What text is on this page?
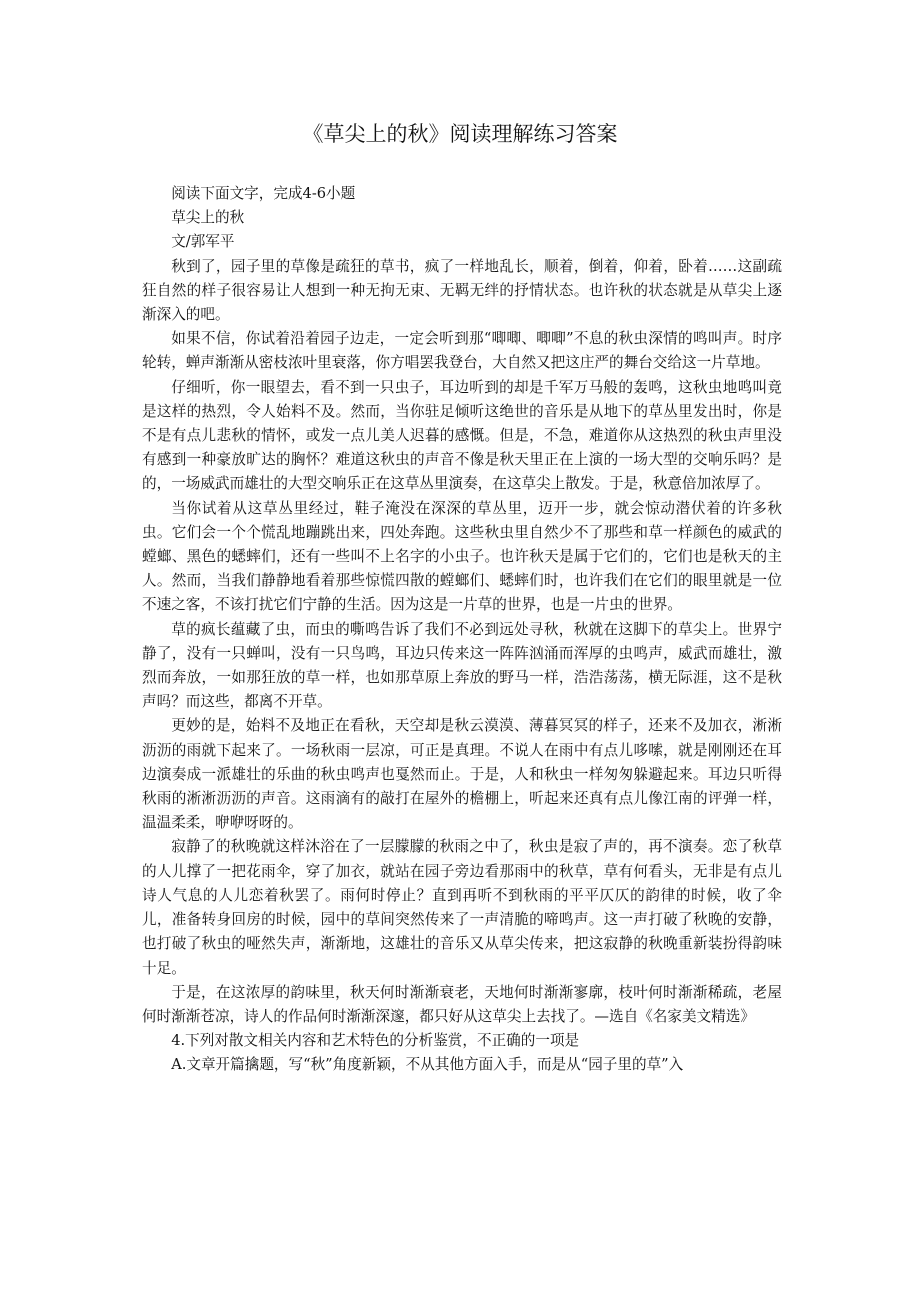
《草尖上的秋》阅读理解练习答案

阅读下面文字，完成4-6小题

草尖上的秋

文/郭军平

秋到了，园子里的草像是疏狂的草书，疯了一样地乱长，顺着，倒着，仰着，卧着……这副疏狂自然的样子很容易让人想到一种无拘无束、无羁无绊的抒情状态。也许秋的状态就是从草尖上逐渐深入的吧。

如果不信，你试着沿着园子边走，一定会听到那“唧唧、唧唧”不息的秋虫深情的鸣叫声。时序轮转，蝉声渐渐从密枝浓叶里衰落，你方唱罢我登台，大自然又把这庄严的舞台交给这一片草地。

仔细听，你一眼望去，看不到一只虫子，耳边听到的却是千军万马般的轰鸣，这秋虫地鸣叫竟是这样的热烈，令人始料不及。然而，当你驻足倾听这绝世的音乐是从地下的草丛里发出时，你是不是有点儿悲秋的情怀，或发一点儿美人迟暮的感慨。但是，不急，难道你从这热烈的秋虫声里没有感到一种豪放旷达的胸怀？难道这秋虫的声音不像是秋天里正在上演的一场大型的交响乐吗？是的，一场威武而雄壮的大型交响乐正在这草丛里演奏，在这草尖上散发。于是，秋意倍加浓厚了。

当你试着从这草丛里经过，鞋子淹没在深深的草丛里，迈开一步，就会惊动潜伏着的许多秋虫。它们会一个个慌乱地蹦跳出来，四处奔跑。这些秋虫里自然少不了那些和草一样颜色的威武的螳螂、黑色的蟋蟀们，还有一些叫不上名字的小虫子。也许秋天是属于它们的，它们也是秋天的主人。然而，当我们静静地看着那些惊慌四散的螳螂们、蟋蟀们时，也许我们在它们的眼里就是一位不速之客，不该打扰它们宁静的生活。因为这是一片草的世界，也是一片虫的世界。

草的疯长蕴藏了虫，而虫的嘶鸣告诉了我们不必到远处寻秋，秋就在这脚下的草尖上。世界宁静了，没有一只蝉叫，没有一只鸟鸣，耳边只传来这一阵阵汹涌而浑厚的虫鸣声，威武而雄壮，激烈而奔放，一如那狂放的草一样，也如那草原上奔放的野马一样，浩浩荡荡，横无际涯，这不是秋声吗？而这些，都离不开草。

更妙的是，始料不及地正在看秋，天空却是秋云漠漠、薄暮冥冥的样子，还来不及加衣，淅淅沥沥的雨就下起来了。一场秋雨一层凉，可正是真理。不说人在雨中有点儿哆嗦，就是刚刚还在耳边演奏成一派雄壮的乐曲的秋虫鸣声也戛然而止。于是，人和秋虫一样匆匆躲避起来。耳边只听得秋雨的淅淅沥沥的声音。这雨滴有的敲打在屋外的檐棚上，听起来还真有点儿像江南的评弹一样，温温柔柔，咿咿呀呀的。

寂静了的秋晚就这样沐浴在了一层朦朦的秋雨之中了，秋虫是寂了声的，再不演奏。恋了秋草的人儿撑了一把花雨伞，穿了加衣，就站在园子旁边看那雨中的秋草，草有何看头，无非是有点儿诗人气息的人儿恋着秋罢了。雨何时停止？直到再听不到秋雨的平平仄仄的韵律的时候，收了伞儿，准备转身回房的时候，园中的草间突然传来了一声清脆的啼鸣声。这一声打破了秋晚的安静，也打破了秋虫的哑然失声，渐渐地，这雄壮的音乐又从草尖传来，把这寂静的秋晚重新装扮得韵味十足。

于是，在这浓厚的韵味里，秋天何时渐渐衰老，天地何时渐渐寥廓，枝叶何时渐渐稀疏，老屋何时渐渐苍凉，诗人的作品何时渐渐深邃，都只好从这草尖上去找了。—选自《名家美文精选》

4.下列对散文相关内容和艺术特色的分析鉴赏，不正确的一项是

A.文章开篇擒题，写“秋”角度新颖，不从其他方面入手，而是从“园子里的草”入
